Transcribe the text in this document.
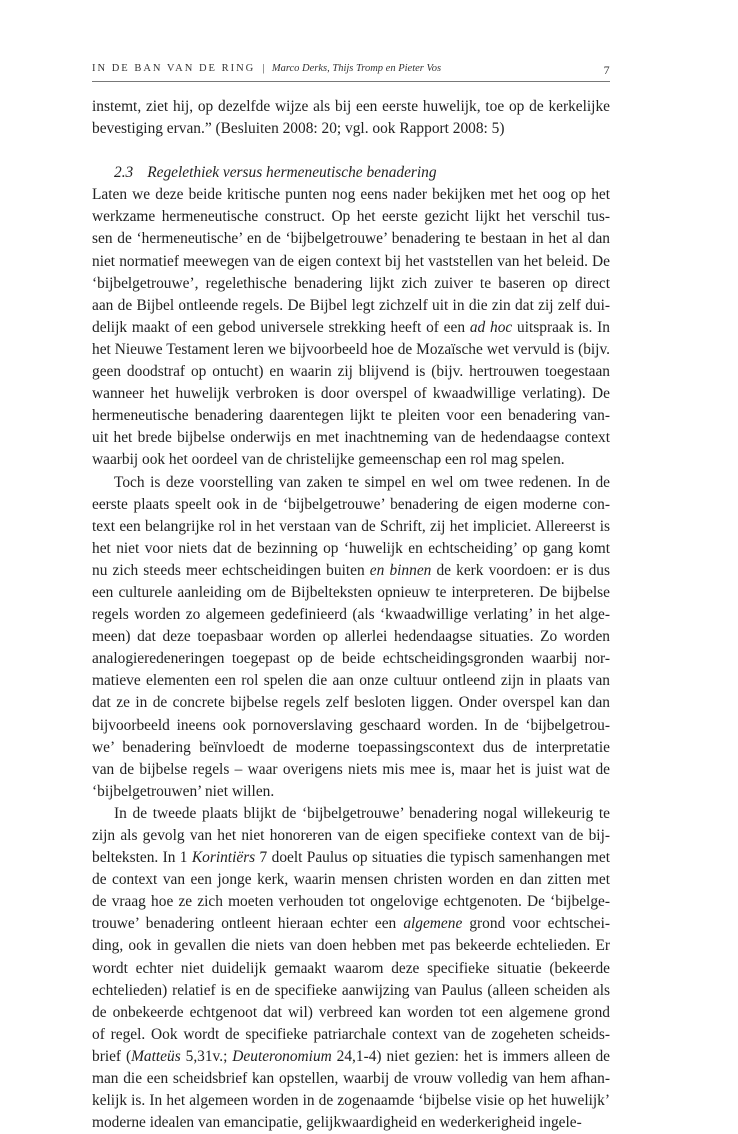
IN DE BAN VAN DE RING | Marco Derks, Thijs Tromp en Pieter Vos	7

instemt, ziet hij, op dezelfde wijze als bij een eerste huwelijk, toe op de kerkelijke
bevestiging ervan.” (Besluiten 2008: 20; vgl. ook Rapport 2008: 5)

2.3 Regelethiek versus hermeneutische benadering

Laten we deze beide kritische punten nog eens nader bekijken met het oog op het
werkzame hermeneutische construct. Op het eerste gezicht lijkt het verschil tus-
sen de ‘hermeneutische’ en de ‘bijbelgetrouwe’ benadering te bestaan in het al dan
niet normatief meewegen van de eigen context bij het vaststellen van het beleid. De
‘bijbelgetrouwe’, regelethische benadering lijkt zich zuiver te baseren op direct
aan de Bijbel ontleende regels. De Bijbel legt zichzelf uit in die zin dat zij zelf dui-
delijk maakt of een gebod universele strekking heeft of een ad hoc uitspraak is. In
het Nieuwe Testament leren we bijvoorbeeld hoe de Mozaïsche wet vervuld is (bijv.
geen doodstraf op ontucht) en waarin zij blijvend is (bijv. hertrouwen toegestaan
wanneer het huwelijk verbroken is door overspel of kwaadwillige verlating). De
hermeneutische benadering daarentegen lijkt te pleiten voor een benadering van-
uit het brede bijbelse onderwijs en met inachtneming van de hedendaagse context
waarbij ook het oordeel van de christelijke gemeenschap een rol mag spelen.

Toch is deze voorstelling van zaken te simpel en wel om twee redenen. In de
eerste plaats speelt ook in de ‘bijbelgetrouwe’ benadering de eigen moderne con-
text een belangrijke rol in het verstaan van de Schrift, zij het impliciet. Allereerst is
het niet voor niets dat de bezinning op ‘huwelijk en echtscheiding’ op gang komt
nu zich steeds meer echtscheidingen buiten en binnen de kerk voordoen: er is dus
een culturele aanleiding om de Bijbelteksten opnieuw te interpreteren. De bijbelse
regels worden zo algemeen gedefinieerd (als ‘kwaadwillige verlating’ in het alge-
meen) dat deze toepasbaar worden op allerlei hedendaagse situaties. Zo worden
analogieredeneringen toegepast op de beide echtscheidingsgronden waarbij nor-
matieve elementen een rol spelen die aan onze cultuur ontleend zijn in plaats van
dat ze in de concrete bijbelse regels zelf besloten liggen. Onder overspel kan dan
bijvoorbeeld ineens ook pornoverslaving geschaard worden. In de ‘bijbelgetrou-
we’ benadering beïnvloedt de moderne toepassingscontext dus de interpretatie
van de bijbelse regels – waar overigens niets mis mee is, maar het is juist wat de
‘bijbelgetrouwen’ niet willen.

In de tweede plaats blijkt de ‘bijbelgetrouwe’ benadering nogal willekeurig te
zijn als gevolg van het niet honoreren van de eigen specifieke context van de bij-
belteksten. In 1 Korintiërs 7 doelt Paulus op situaties die typisch samenhangen met
de context van een jonge kerk, waarin mensen christen worden en dan zitten met
de vraag hoe ze zich moeten verhouden tot ongelovige echtgenoten. De ‘bijbelge-
trouwe’ benadering ontleent hieraan echter een algemene grond voor echtschei-
ding, ook in gevallen die niets van doen hebben met pas bekeerde echtelieden. Er
wordt echter niet duidelijk gemaakt waarom deze specifieke situatie (bekeerde
echtelieden) relatief is en de specifieke aanwijzing van Paulus (alleen scheiden als
de onbekeerde echtgenoot dat wil) verbreed kan worden tot een algemene grond
of regel. Ook wordt de specifieke patriarchale context van de zogeheten scheids-
brief (Matteüs 5,31v.; Deuteronomium 24,1-4) niet gezien: het is immers alleen de
man die een scheidsbrief kan opstellen, waarbij de vrouw volledig van hem afhan-
kelijk is. In het algemeen worden in de zogenaamde ‘bijbelse visie op het huwelijk’
moderne idealen van emancipatie, gelijkwaardigheid en wederkerigheid ingele-
